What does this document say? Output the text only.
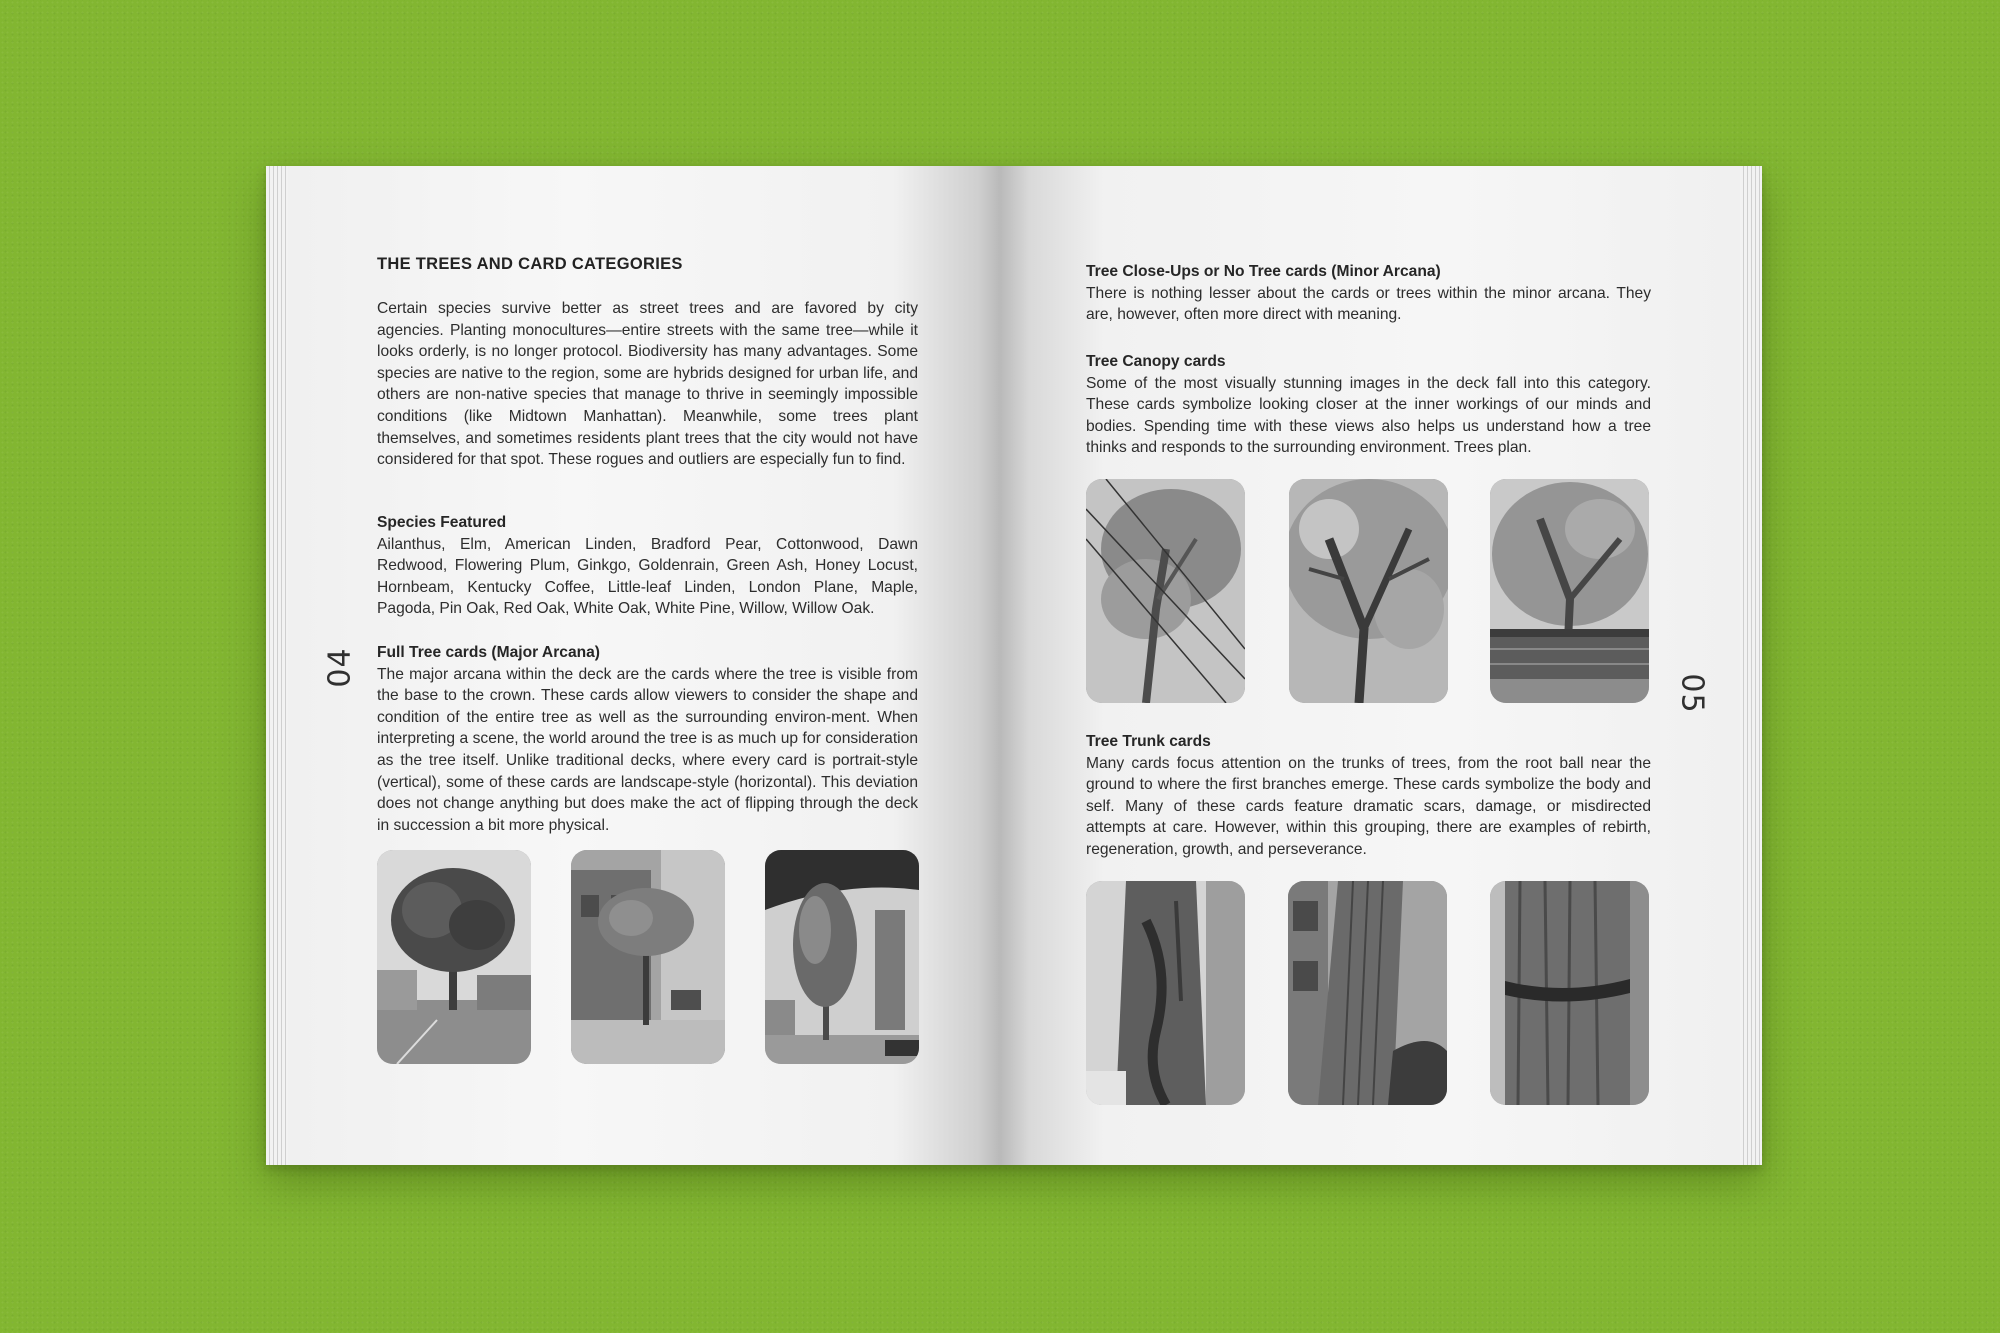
04
05
THE TREES AND CARD CATEGORIES
Certain species survive better as street trees and are favored by city agencies. Planting monocultures—entire streets with the same tree—while it looks orderly, is no longer protocol. Biodiversity has many advantages. Some species are native to the region, some are hybrids designed for urban life, and others are non-native species that manage to thrive in seemingly impossible conditions (like Midtown Manhattan). Meanwhile, some trees plant themselves, and sometimes residents plant trees that the city would not have considered for that spot. These rogues and outliers are especially fun to find.
Species Featured
Ailanthus, Elm, American Linden, Bradford Pear, Cottonwood, Dawn Redwood, Flowering Plum, Ginkgo, Goldenrain, Green Ash, Honey Locust, Hornbeam, Kentucky Coffee, Little-leaf Linden, London Plane, Maple, Pagoda, Pin Oak, Red Oak, White Oak, White Pine, Willow, Willow Oak.
Full Tree cards (Major Arcana)
The major arcana within the deck are the cards where the tree is visible from the base to the crown. These cards allow viewers to consider the shape and condition of the entire tree as well as the surrounding environ-ment. When interpreting a scene, the world around the tree is as much up for consideration as the tree itself. Unlike traditional decks, where every card is portrait-style (vertical), some of these cards are landscape-style (horizontal). This deviation does not change anything but does make the act of flipping through the deck in succession a bit more physical.
Tree Close-Ups or No Tree cards (Minor Arcana)
There is nothing lesser about the cards or trees within the minor arcana. They are, however, often more direct with meaning.
Tree Canopy cards
Some of the most visually stunning images in the deck fall into this category. These cards symbolize looking closer at the inner workings of our minds and bodies. Spending time with these views also helps us understand how a tree thinks and responds to the surrounding environment. Trees plan.
Tree Trunk cards
Many cards focus attention on the trunks of trees, from the root ball near the ground to where the first branches emerge. These cards symbolize the body and self. Many of these cards feature dramatic scars, damage, or misdirected attempts at care. However, within this grouping, there are examples of rebirth, regeneration, growth, and perseverance.
